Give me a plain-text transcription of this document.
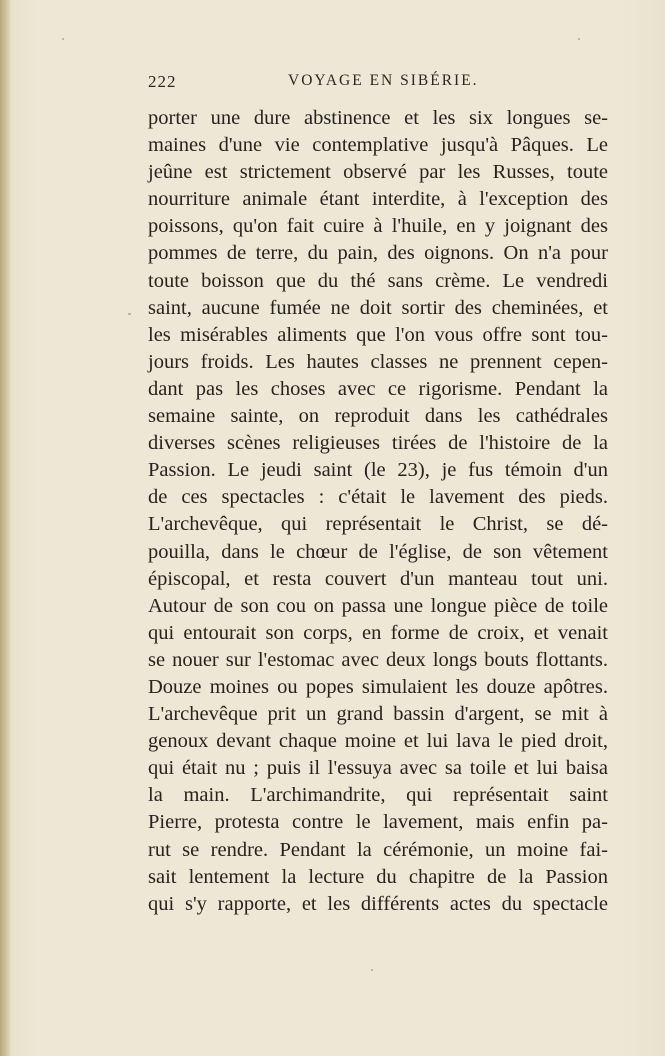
222	VOYAGE EN SIBÉRIE.
porter une dure abstinence et les six longues se-
maines d'une vie contemplative jusqu'à Pâques. Le
jeûne est strictement observé par les Russes, toute
nourriture animale étant interdite, à l'exception des
poissons, qu'on fait cuire à l'huile, en y joignant des
pommes de terre, du pain, des oignons. On n'a pour
toute boisson que du thé sans crème. Le vendredi
saint, aucune fumée ne doit sortir des cheminées, et
les misérables aliments que l'on vous offre sont tou-
jours froids. Les hautes classes ne prennent cepen-
dant pas les choses avec ce rigorisme. Pendant la
semaine sainte, on reproduit dans les cathédrales
diverses scènes religieuses tirées de l'histoire de la
Passion. Le jeudi saint (le 23), je fus témoin d'un
de ces spectacles : c'était le lavement des pieds.
L'archevêque, qui représentait le Christ, se dé-
pouilla, dans le chœur de l'église, de son vêtement
épiscopal, et resta couvert d'un manteau tout uni.
Autour de son cou on passa une longue pièce de toile
qui entourait son corps, en forme de croix, et venait
se nouer sur l'estomac avec deux longs bouts flottants.
Douze moines ou popes simulaient les douze apôtres.
L'archevêque prit un grand bassin d'argent, se mit à
genoux devant chaque moine et lui lava le pied droit,
qui était nu ; puis il l'essuya avec sa toile et lui baisa
la main. L'archimandrite, qui représentait saint
Pierre, protesta contre le lavement, mais enfin pa-
rut se rendre. Pendant la cérémonie, un moine fai-
sait lentement la lecture du chapitre de la Passion
qui s'y rapporte, et les différents actes du spectacle
